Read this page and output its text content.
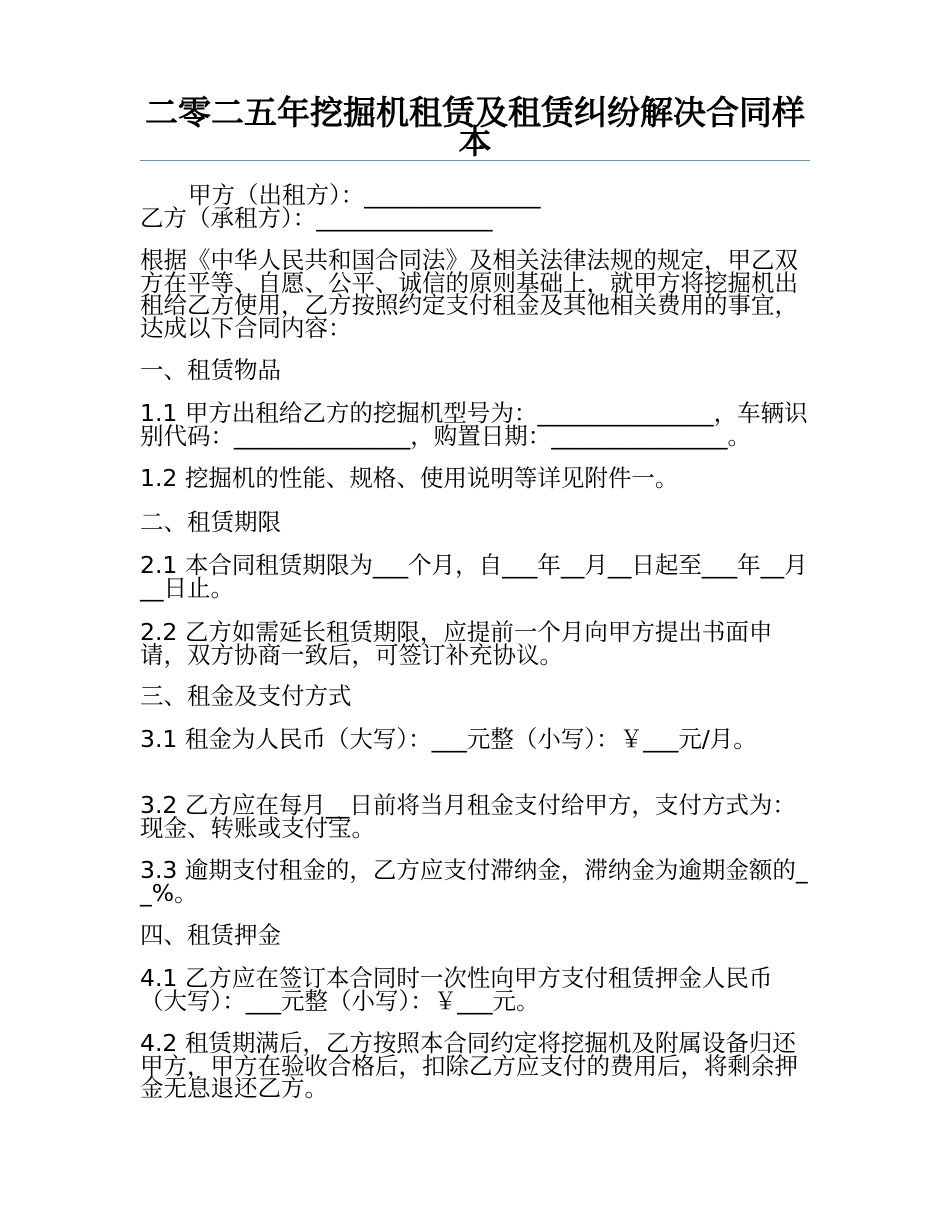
二零二五年挖掘机租赁及租赁纠纷解决合同样本
甲方（出租方）：_______________
乙方（承租方）：_______________

根据《中华人民共和国合同法》及相关法律法规的规定，甲乙双方在平等、自愿、公平、诚信的原则基础上，就甲方将挖掘机出租给乙方使用，乙方按照约定支付租金及其他相关费用的事宜，达成以下合同内容：

一、租赁物品

1.1 甲方出租给乙方的挖掘机型号为：_______________，车辆识别代码：_______________，购置日期：_______________。

1.2 挖掘机的性能、规格、使用说明等详见附件一。

二、租赁期限

2.1 本合同租赁期限为___个月，自___年__月__日起至___年__月__日止。

2.2 乙方如需延长租赁期限，应提前一个月向甲方提出书面申请，双方协商一致后，可签订补充协议。

三、租金及支付方式

3.1 租金为人民币（大写）：___元整（小写）：￥___元/月。

3.2 乙方应在每月__日前将当月租金支付给甲方，支付方式为：现金、转账或支付宝。

3.3 逾期支付租金的，乙方应支付滞纳金，滞纳金为逾期金额的__%。

四、租赁押金

4.1 乙方应在签订本合同时一次性向甲方支付租赁押金人民币（大写）：___元整（小写）：￥___元。

4.2 租赁期满后，乙方按照本合同约定将挖掘机及附属设备归还甲方，甲方在验收合格后，扣除乙方应支付的费用后，将剩余押金无息退还乙方。
